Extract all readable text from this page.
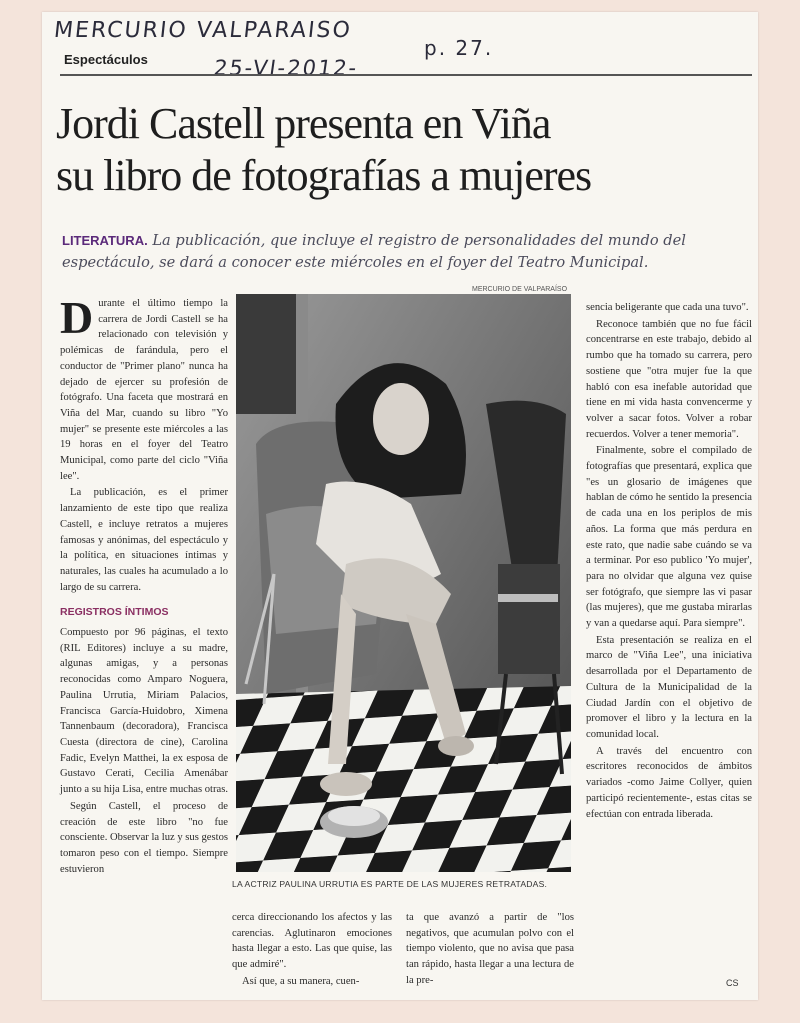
MERCURIO VALPARAISO
25-VI-2012-
p. 27.
Espectáculos
Jordi Castell presenta en Viña
su libro de fotografías a mujeres
LITERATURA. La publicación, que incluye el registro de personalidades del mundo del espectáculo, se dará a conocer este miércoles en el foyer del Teatro Municipal.

Durante el último tiempo la carrera de Jordi Castell se ha relacionado con televisión y polémicas de farándula, pero el conductor de "Primer plano" nunca ha dejado de ejercer su profesión de fotógrafo. Una faceta que mostrará en Viña del Mar, cuando su libro "Yo mujer" se presente este miércoles a las 19 horas en el foyer del Teatro Municipal, como parte del ciclo "Viña lee".

La publicación, es el primer lanzamiento de este tipo que realiza Castell, e incluye retratos a mujeres famosas y anónimas, del espectáculo y la política, en situaciones íntimas y naturales, las cuales ha acumulado a lo largo de su carrera.

REGISTROS ÍNTIMOS

Compuesto por 96 páginas, el texto (RIL Editores) incluye a su madre, algunas amigas, y a personas reconocidas como Amparo Noguera, Paulina Urrutia, Miriam Palacios, Francisca García-Huidobro, Ximena Tannenbaum (decoradora), Francisca Cuesta (directora de cine), Carolina Fadic, Evelyn Matthei, la ex esposa de Gustavo Cerati, Cecilia Amenábar junto a su hija Lisa, entre muchas otras.

Según Castell, el proceso de creación de este libro "no fue consciente. Observar la luz y sus gestos tomaron peso con el tiempo. Siempre estuvieron

MERCURIO DE VALPARAÍSO
LA ACTRIZ PAULINA URRUTIA ES PARTE DE LAS MUJERES RETRATADAS.

cerca direccionando los afectos y las carencias. Aglutinaron emociones hasta llegar a esto. Las que quise, las que admiré".

Así que, a su manera, cuen-

ta que avanzó a partir de "los negativos, que acumulan polvo con el tiempo violento, que no avisa que pasa tan rápido, hasta llegar a una lectura de la pre-

sencia beligerante que cada una tuvo".

Reconoce también que no fue fácil concentrarse en este trabajo, debido al rumbo que ha tomado su carrera, pero sostiene que "otra mujer fue la que habló con esa inefable autoridad que tiene en mi vida hasta convencerme y volver a sacar fotos. Volver a robar recuerdos. Volver a tener memoria".

Finalmente, sobre el compilado de fotografías que presentará, explica que "es un glosario de imágenes que hablan de cómo he sentido la presencia de cada una en los periplos de mis años. La forma que más perdura en este rato, que nadie sabe cuándo se va a terminar. Por eso publico 'Yo mujer', para no olvidar que alguna vez quise ser fotógrafo, que siempre las vi pasar (las mujeres), que me gustaba mirarlas y van a quedarse aquí. Para siempre".

Esta presentación se realiza en el marco de "Viña Lee", una iniciativa desarrollada por el Departamento de Cultura de la Municipalidad de la Ciudad Jardín con el objetivo de promover el libro y la lectura en la comunidad local.

A través del encuentro con escritores reconocidos de ámbitos variados -como Jaime Collyer, quien participó recientemente-, estas citas se efectúan con entrada liberada.

CS
